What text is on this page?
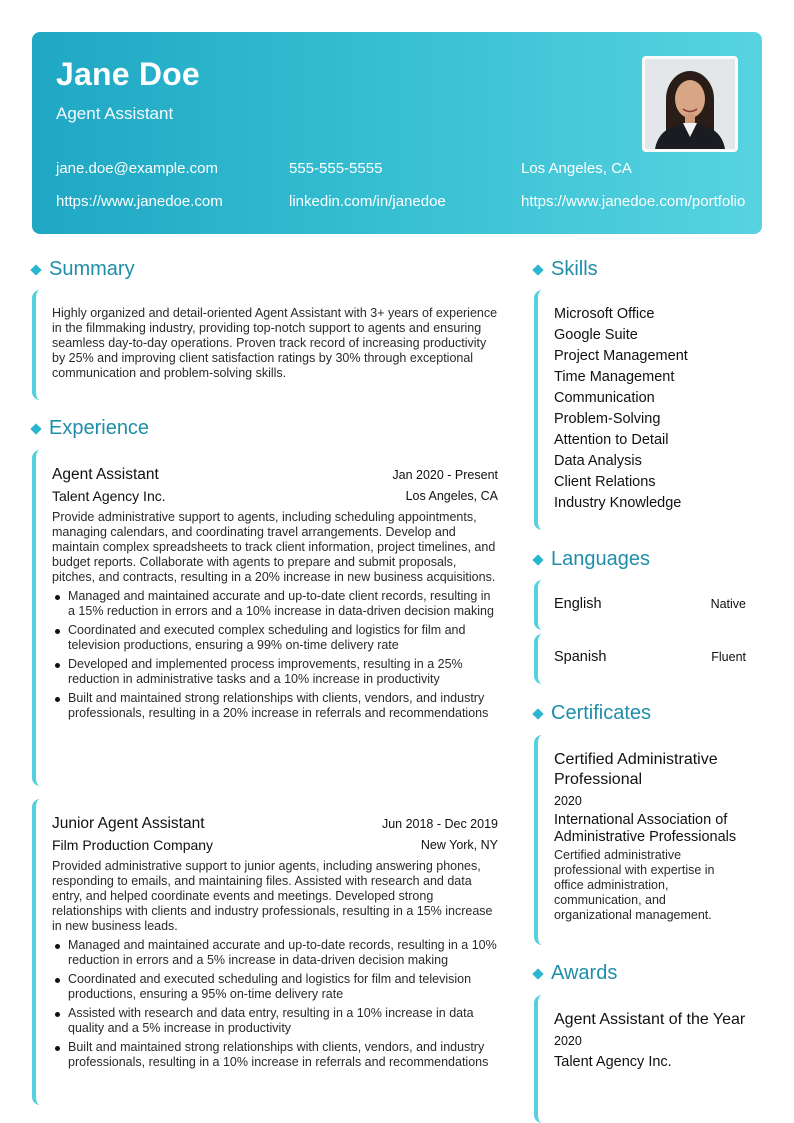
Jane Doe
Agent Assistant
jane.doe@example.com	555-555-5555	Los Angeles, CA
https://www.janedoe.com	linkedin.com/in/janedoe	https://www.janedoe.com/portfolio
Summary
Highly organized and detail-oriented Agent Assistant with 3+ years of experience in the filmmaking industry, providing top-notch support to agents and ensuring seamless day-to-day operations. Proven track record of increasing productivity by 25% and improving client satisfaction ratings by 30% through exceptional communication and problem-solving skills.
Experience
Agent Assistant	Jan 2020 - Present
Talent Agency Inc.	Los Angeles, CA
Provide administrative support to agents, including scheduling appointments, managing calendars, and coordinating travel arrangements. Develop and maintain complex spreadsheets to track client information, project timelines, and budget reports. Collaborate with agents to prepare and submit proposals, pitches, and contracts, resulting in a 20% increase in new business acquisitions.
Managed and maintained accurate and up-to-date client records, resulting in a 15% reduction in errors and a 10% increase in data-driven decision making
Coordinated and executed complex scheduling and logistics for film and television productions, ensuring a 99% on-time delivery rate
Developed and implemented process improvements, resulting in a 25% reduction in administrative tasks and a 10% increase in productivity
Built and maintained strong relationships with clients, vendors, and industry professionals, resulting in a 20% increase in referrals and recommendations
Junior Agent Assistant	Jun 2018 - Dec 2019
Film Production Company	New York, NY
Provided administrative support to junior agents, including answering phones, responding to emails, and maintaining files. Assisted with research and data entry, and helped coordinate events and meetings. Developed strong relationships with clients and industry professionals, resulting in a 15% increase in new business leads.
Managed and maintained accurate and up-to-date records, resulting in a 10% reduction in errors and a 5% increase in data-driven decision making
Coordinated and executed scheduling and logistics for film and television productions, ensuring a 95% on-time delivery rate
Assisted with research and data entry, resulting in a 10% increase in data quality and a 5% increase in productivity
Built and maintained strong relationships with clients, vendors, and industry professionals, resulting in a 10% increase in referrals and recommendations
Skills
Microsoft Office
Google Suite
Project Management
Time Management
Communication
Problem-Solving
Attention to Detail
Data Analysis
Client Relations
Industry Knowledge
Languages
English	Native
Spanish	Fluent
Certificates
Certified Administrative Professional
2020
International Association of Administrative Professionals
Certified administrative professional with expertise in office administration, communication, and organizational management.
Awards
Agent Assistant of the Year
2020
Talent Agency Inc.
